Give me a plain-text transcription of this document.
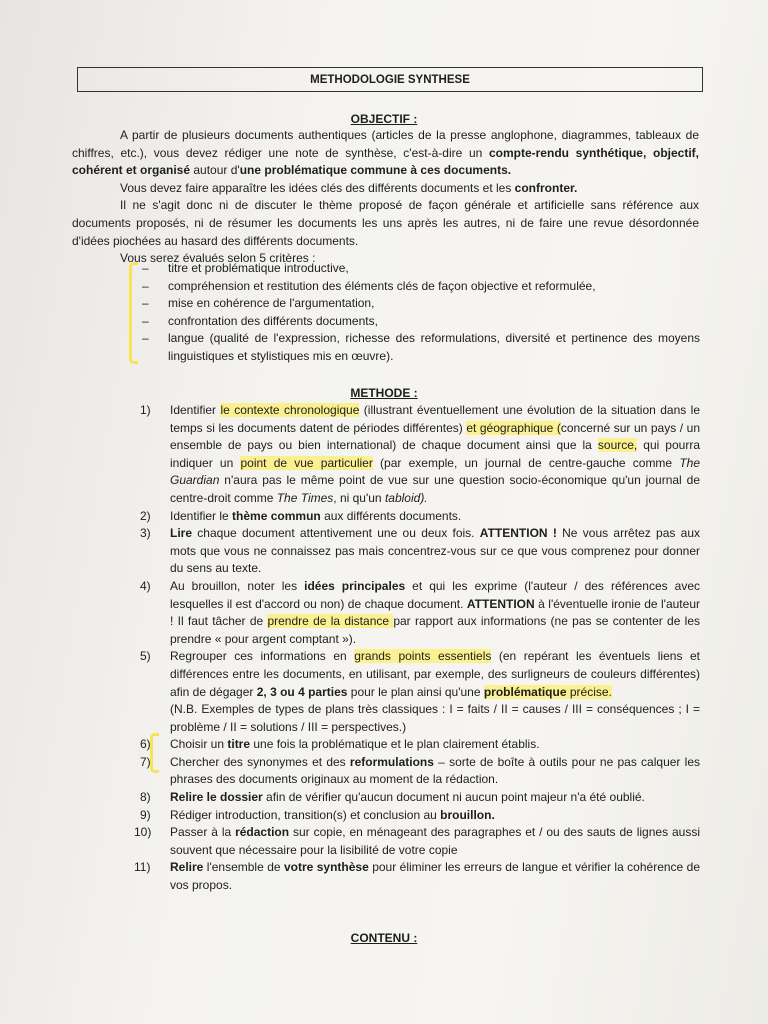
METHODOLOGIE SYNTHESE
OBJECTIF :

A partir de plusieurs documents authentiques (articles de la presse anglophone, diagrammes, tableaux de chiffres, etc.), vous devez rédiger une note de synthèse, c'est-à-dire un compte-rendu synthétique, objectif, cohérent et organisé autour d'une problématique commune à ces documents.

Vous devez faire apparaître les idées clés des différents documents et les confronter.

Il ne s'agit donc ni de discuter le thème proposé de façon générale et artificielle sans référence aux documents proposés, ni de résumer les documents les uns après les autres, ni de faire une revue désordonnée d'idées piochées au hasard des différents documents.

Vous serez évalués selon 5 critères :

– titre et problématique introductive,
– compréhension et restitution des éléments clés de façon objective et reformulée,
– mise en cohérence de l'argumentation,
– confrontation des différents documents,
– langue (qualité de l'expression, richesse des reformulations, diversité et pertinence des moyens linguistiques et stylistiques mis en œuvre).
METHODE :
1) Identifier le contexte chronologique (illustrant éventuellement une évolution de la situation dans le temps si les documents datent de périodes différentes) et géographique (concerné sur un pays / un ensemble de pays ou bien international) de chaque document ainsi que la source, qui pourra indiquer un point de vue particulier (par exemple, un journal de centre-gauche comme The Guardian n'aura pas le même point de vue sur une question socio-économique qu'un journal de centre-droit comme The Times, ni qu'un tabloid).
2) Identifier le thème commun aux différents documents.
3) Lire chaque document attentivement une ou deux fois. ATTENTION ! Ne vous arrêtez pas aux mots que vous ne connaissez pas mais concentrez-vous sur ce que vous comprenez pour donner du sens au texte.
4) Au brouillon, noter les idées principales et qui les exprime (l'auteur / des références avec lesquelles il est d'accord ou non) de chaque document. ATTENTION à l'éventuelle ironie de l'auteur ! Il faut tâcher de prendre de la distance par rapport aux informations (ne pas se contenter de les prendre « pour argent comptant »).
5) Regrouper ces informations en grands points essentiels (en repérant les éventuels liens et différences entre les documents, en utilisant, par exemple, des surligneurs de couleurs différentes) afin de dégager 2, 3 ou 4 parties pour le plan ainsi qu'une problématique précise.
(N.B. Exemples de types de plans très classiques : I = faits / II = causes / III = conséquences ; I = problème / II = solutions / III = perspectives.)
6) Choisir un titre une fois la problématique et le plan clairement établis.
7) Chercher des synonymes et des reformulations – sorte de boîte à outils pour ne pas calquer les phrases des documents originaux au moment de la rédaction.
8) Relire le dossier afin de vérifier qu'aucun document ni aucun point majeur n'a été oublié.
9) Rédiger introduction, transition(s) et conclusion au brouillon.
10) Passer à la rédaction sur copie, en ménageant des paragraphes et / ou des sauts de lignes aussi souvent que nécessaire pour la lisibilité de votre copie
11) Relire l'ensemble de votre synthèse pour éliminer les erreurs de langue et vérifier la cohérence de vos propos.
CONTENU :
